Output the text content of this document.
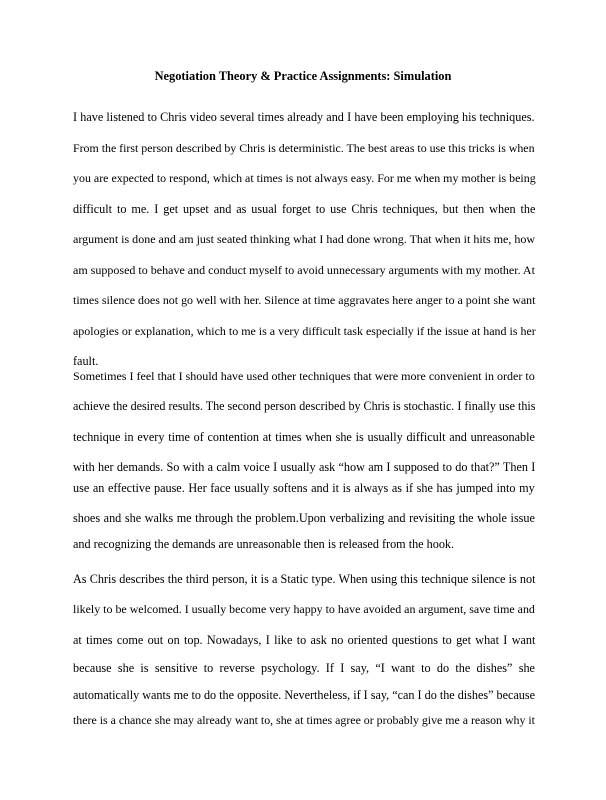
Negotiation Theory & Practice Assignments: Simulation
I have listened to Chris video several times already and I have been employing his techniques.
From the first person described by Chris is deterministic. The best areas to use this tricks is when
you are expected to respond, which at times is not always easy. For me when my mother is being
difficult to me. I get upset and as usual forget to use Chris techniques, but then when the
argument is done and am just seated thinking what I had done wrong. That when it hits me, how
am supposed to behave and conduct myself to avoid unnecessary arguments with my mother. At
times silence does not go well with her. Silence at time aggravates here anger to a point she want
apologies or explanation, which to me is a very difficult task especially if the issue at hand is her
fault.
Sometimes I feel that I should have used other techniques that were more convenient in order to
achieve the desired results. The second person described by Chris is stochastic. I finally use this
technique in every time of contention at times when she is usually difficult and unreasonable
with her demands. So with a calm voice I usually ask “how am I supposed to do that?” Then I
use an effective pause. Her face usually softens and it is always as if she has jumped into my
shoes and she walks me through the problem.Upon verbalizing and revisiting the whole issue
and recognizing the demands are unreasonable then is released from the hook.
As Chris describes the third person, it is a Static type. When using this technique silence is not
likely to be welcomed. I usually become very happy to have avoided an argument, save time and
at times come out on top. Nowadays, I like to ask no oriented questions to get what I want
because she is sensitive to reverse psychology. If I say, “I want to do the dishes” she
automatically wants me to do the opposite. Nevertheless, if I say, “can I do the dishes” because
there is a chance she may already want to, she at times agree or probably give me a reason why it
